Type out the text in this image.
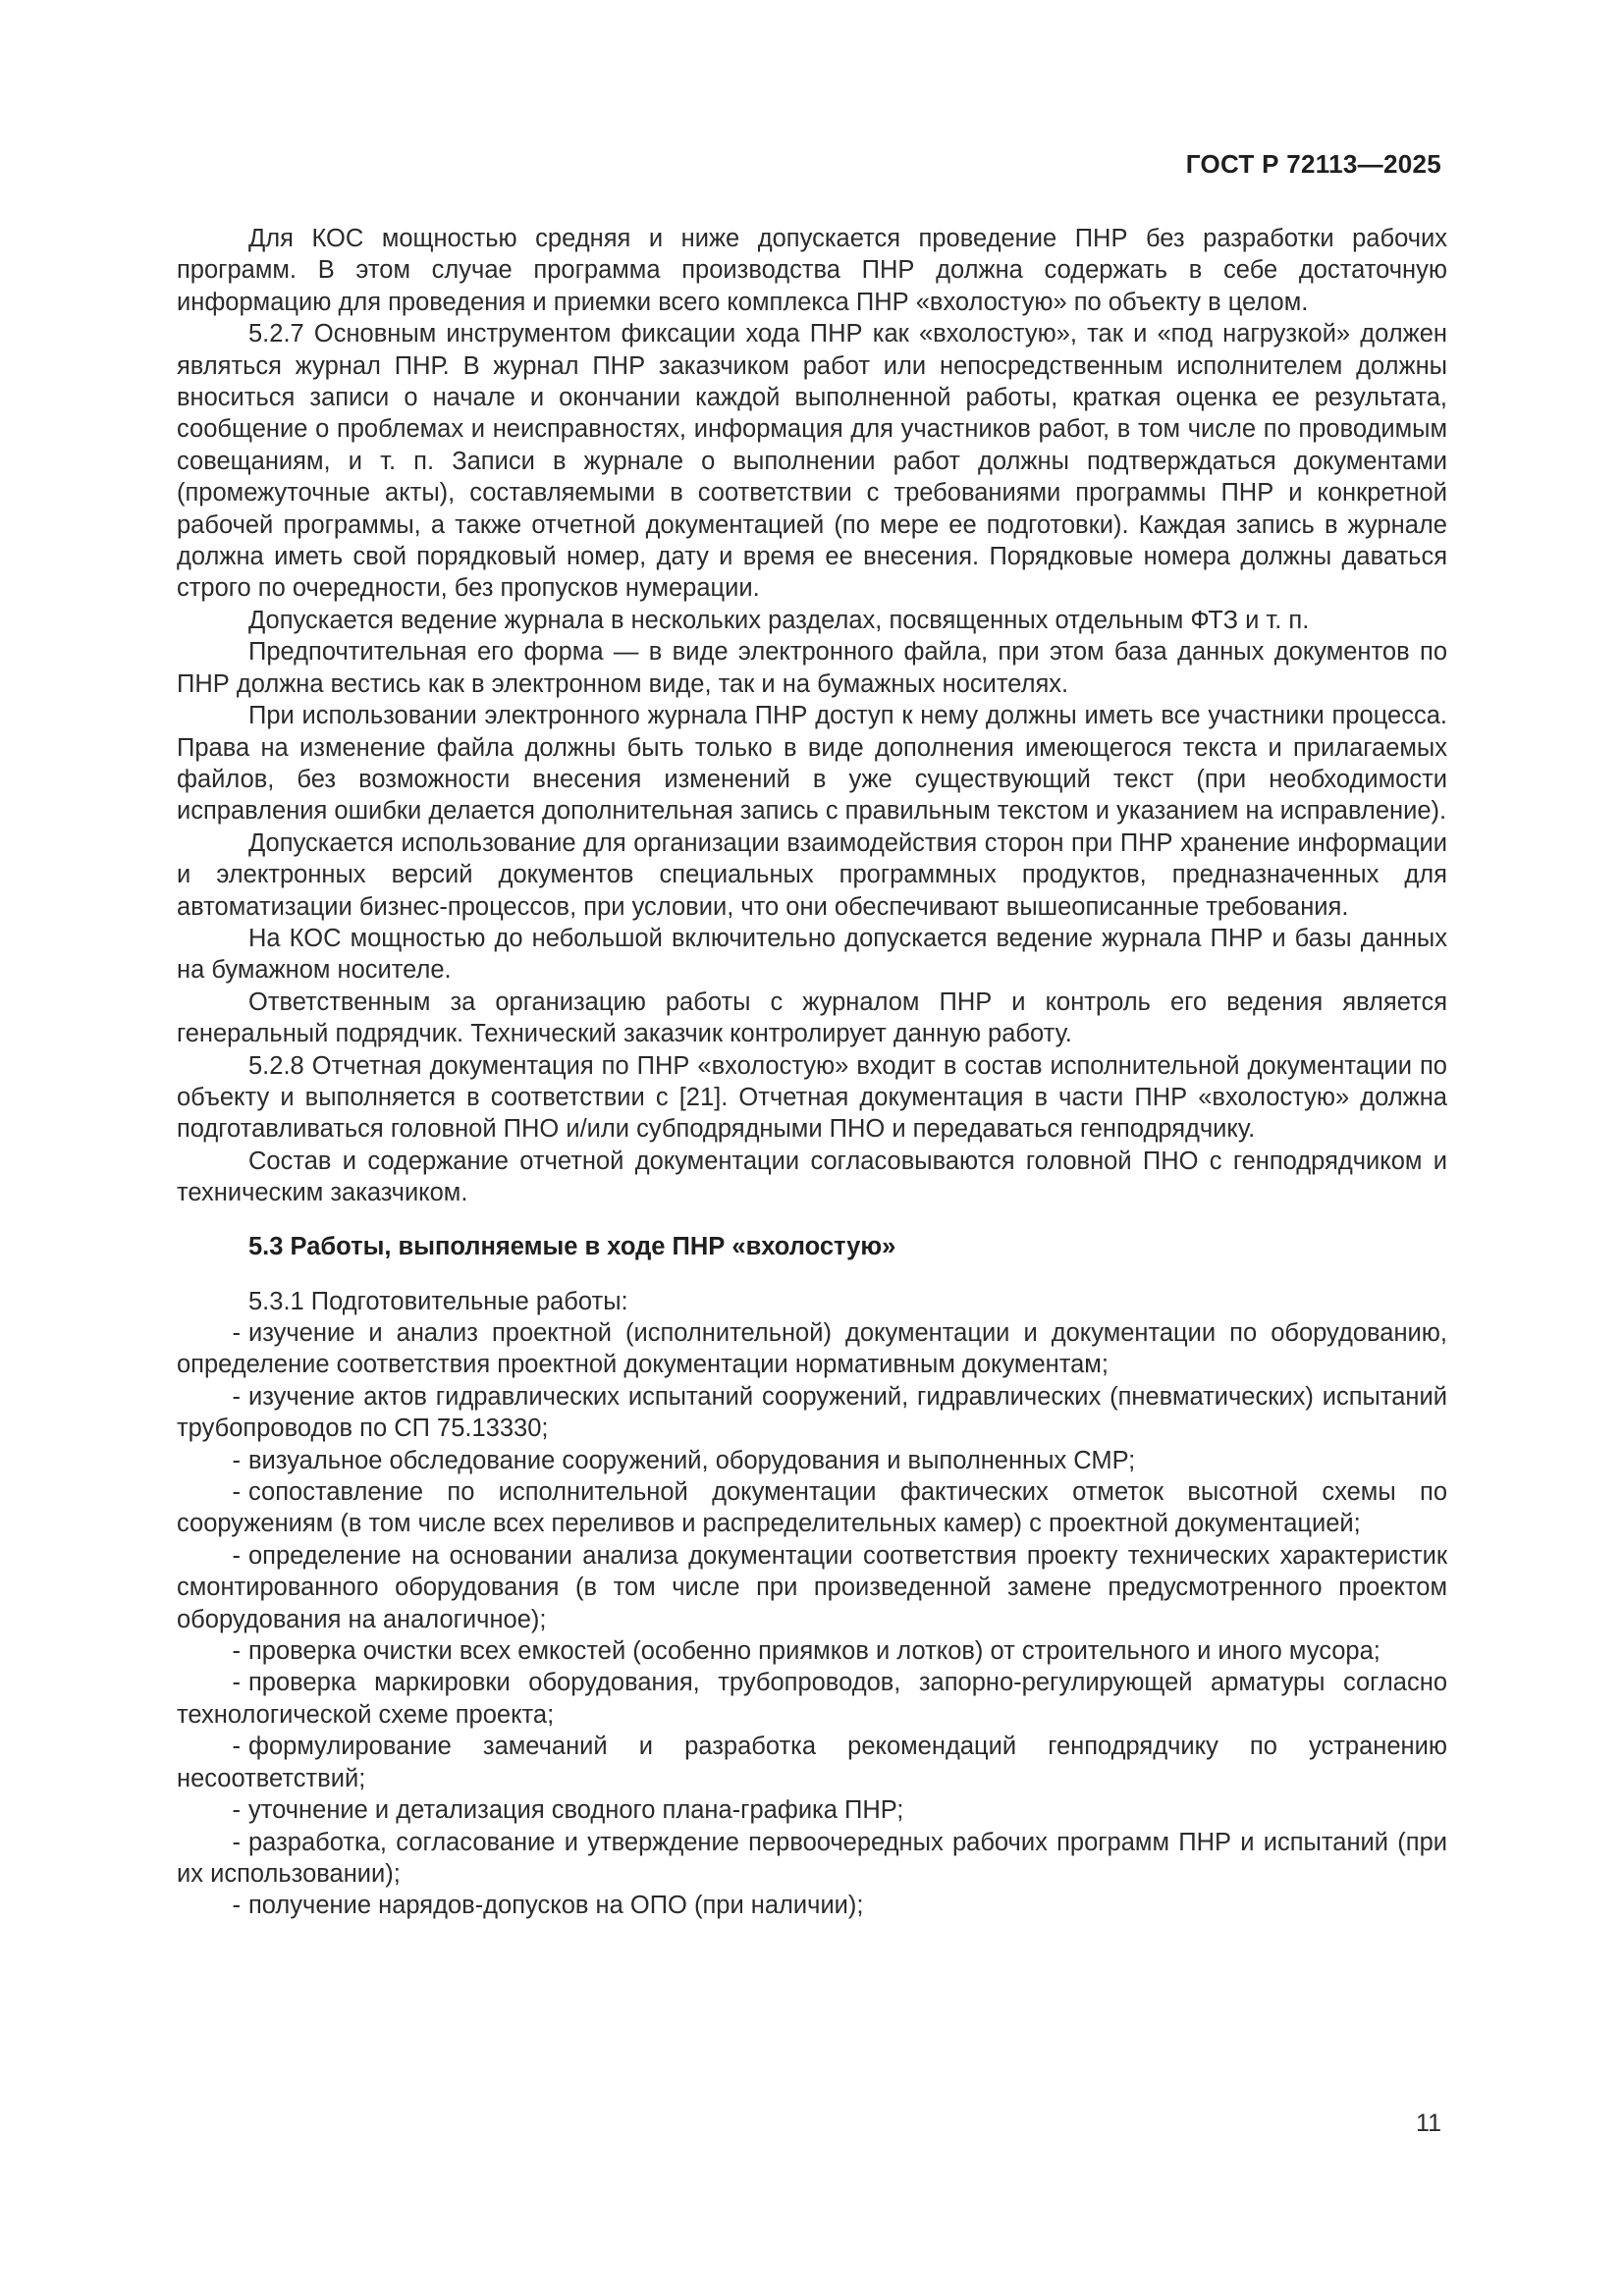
ГОСТ Р 72113—2025

Для КОС мощностью средняя и ниже допускается проведение ПНР без разработки рабочих программ. В этом случае программа производства ПНР должна содержать в себе достаточную информацию для проведения и приемки всего комплекса ПНР «вхолостую» по объекту в целом.

5.2.7 Основным инструментом фиксации хода ПНР как «вхолостую», так и «под нагрузкой» должен являться журнал ПНР. В журнал ПНР заказчиком работ или непосредственным исполнителем должны вноситься записи о начале и окончании каждой выполненной работы, краткая оценка ее результата, сообщение о проблемах и неисправностях, информация для участников работ, в том числе по проводимым совещаниям, и т. п. Записи в журнале о выполнении работ должны подтверждаться документами (промежуточные акты), составляемыми в соответствии с требованиями программы ПНР и конкретной рабочей программы, а также отчетной документацией (по мере ее подготовки). Каждая запись в журнале должна иметь свой порядковый номер, дату и время ее внесения. Порядковые номера должны даваться строго по очередности, без пропусков нумерации.

Допускается ведение журнала в нескольких разделах, посвященных отдельным ФТЗ и т. п.

Предпочтительная его форма — в виде электронного файла, при этом база данных документов по ПНР должна вестись как в электронном виде, так и на бумажных носителях.

При использовании электронного журнала ПНР доступ к нему должны иметь все участники процесса. Права на изменение файла должны быть только в виде дополнения имеющегося текста и прилагаемых файлов, без возможности внесения изменений в уже существующий текст (при необходимости исправления ошибки делается дополнительная запись с правильным текстом и указанием на исправление).

Допускается использование для организации взаимодействия сторон при ПНР хранение информации и электронных версий документов специальных программных продуктов, предназначенных для автоматизации бизнес-процессов, при условии, что они обеспечивают вышеописанные требования.

На КОС мощностью до небольшой включительно допускается ведение журнала ПНР и базы данных на бумажном носителе.

Ответственным за организацию работы с журналом ПНР и контроль его ведения является генеральный подрядчик. Технический заказчик контролирует данную работу.

5.2.8 Отчетная документация по ПНР «вхолостую» входит в состав исполнительной документации по объекту и выполняется в соответствии с [21]. Отчетная документация в части ПНР «вхолостую» должна подготавливаться головной ПНО и/или субподрядными ПНО и передаваться генподрядчику.

Состав и содержание отчетной документации согласовываются головной ПНО с генподрядчиком и техническим заказчиком.

5.3 Работы, выполняемые в ходе ПНР «вхолостую»

5.3.1 Подготовительные работы:

- изучение и анализ проектной (исполнительной) документации и документации по оборудованию, определение соответствия проектной документации нормативным документам;

- изучение актов гидравлических испытаний сооружений, гидравлических (пневматических) испытаний трубопроводов по СП 75.13330;

- визуальное обследование сооружений, оборудования и выполненных СМР;

- сопоставление по исполнительной документации фактических отметок высотной схемы по сооружениям (в том числе всех переливов и распределительных камер) с проектной документацией;

- определение на основании анализа документации соответствия проекту технических характеристик смонтированного оборудования (в том числе при произведенной замене предусмотренного проектом оборудования на аналогичное);

- проверка очистки всех емкостей (особенно приямков и лотков) от строительного и иного мусора;

- проверка маркировки оборудования, трубопроводов, запорно-регулирующей арматуры согласно технологической схеме проекта;

- формулирование замечаний и разработка рекомендаций генподрядчику по устранению несоответствий;

- уточнение и детализация сводного плана-графика ПНР;

- разработка, согласование и утверждение первоочередных рабочих программ ПНР и испытаний (при их использовании);

- получение нарядов-допусков на ОПО (при наличии);

11
